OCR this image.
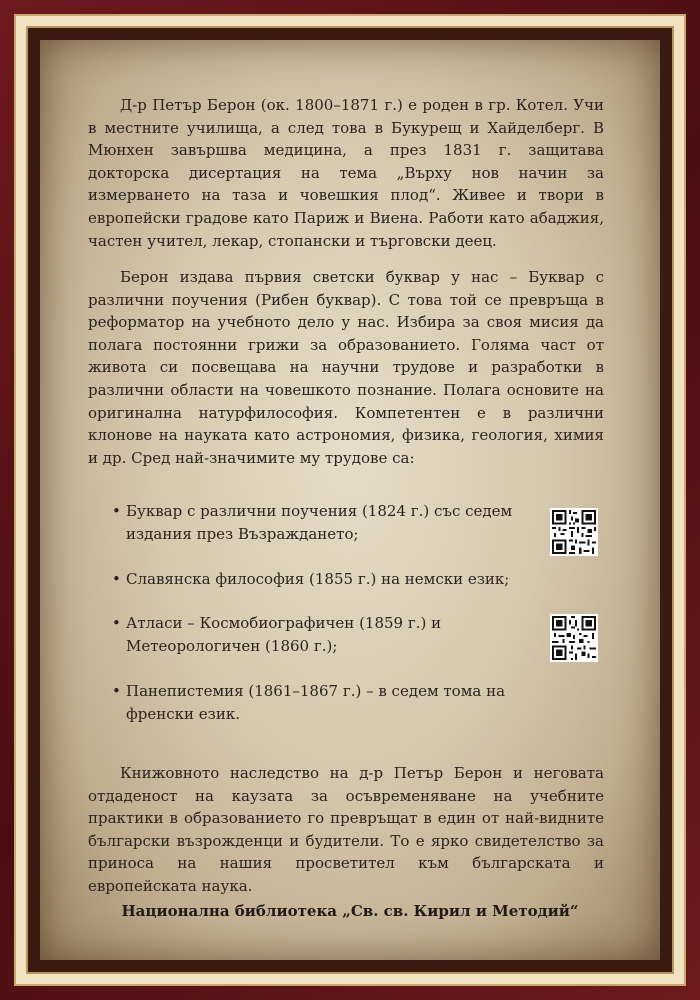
Д-р Петър Берон (ок. 1800–1871 г.) е роден в гр. Котел. Учи в местните училища, а след това в Букурещ и Хайделберг. В Мюнхен завършва медицина, а през 1831 г. защитава докторска дисертация на тема „Върху нов начин за измерването на таза и човешкия плод“. Живее и твори в европейски градове като Париж и Виена. Работи като абаджия, частен учител, лекар, стопански и търговски деец.

Берон издава първия светски буквар у нас – Буквар с различни поучения (Рибен буквар). С това той се превръща в реформатор на учебното дело у нас. Избира за своя мисия да полага постоянни грижи за образованието. Голяма част от живота си посвещава на научни трудове и разработки в различни области на човешкото познание. Полага основите на оригинална натурфилософия. Компетентен е в различни клонове на науката като астрономия, физика, геология, химия и др. Сред най-значимите му трудове са:

• Буквар с различни поучения (1824 г.) със седем издания през Възраждането;
• Славянска философия (1855 г.) на немски език;
• Атласи – Космобиографичен (1859 г.) и Метеорологичен (1860 г.);
• Панепистемия (1861–1867 г.) – в седем тома на френски език.

Книжовното наследство на д-р Петър Берон и неговата отдаденост на каузата за осъвременяване на учебните практики в образованието го превръщат в един от най-видните български възрожденци и будители. То е ярко свидетелство за приноса на нашия просветител към българската и европейската наука.

Национална библиотека „Св. св. Кирил и Методий“
